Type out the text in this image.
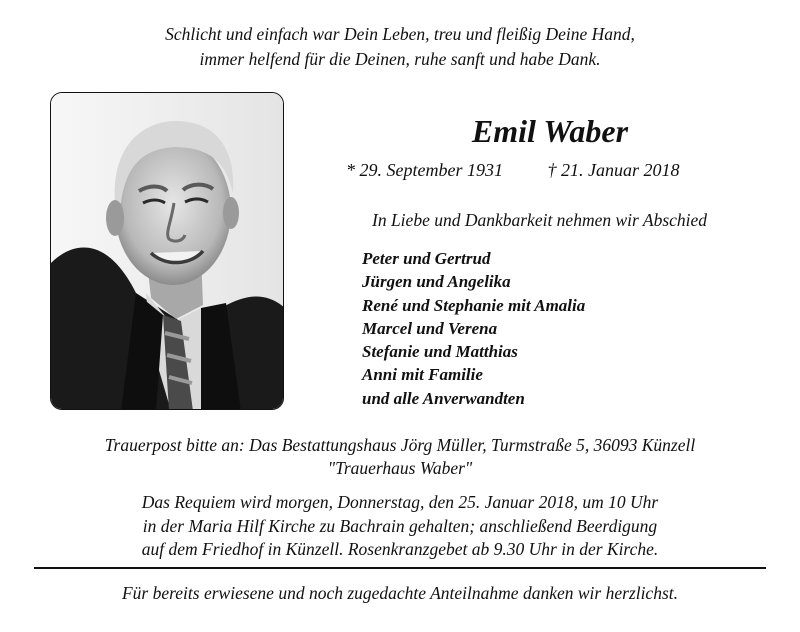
Schlicht und einfach war Dein Leben, treu und fleißig Deine Hand,
immer helfend für die Deinen, ruhe sanft und habe Dank.
Emil Waber
* 29. September 1931 † 21. Januar 2018
In Liebe und Dankbarkeit nehmen wir Abschied
Peter und Gertrud
Jürgen und Angelika
René und Stephanie mit Amalia
Marcel und Verena
Stefanie und Matthias
Anni mit Familie
und alle Anverwandten
Trauerpost bitte an: Das Bestattungshaus Jörg Müller, Turmstraße 5, 36093 Künzell
"Trauerhaus Waber"
Das Requiem wird morgen, Donnerstag, den 25. Januar 2018, um 10 Uhr
in der Maria Hilf Kirche zu Bachrain gehalten; anschließend Beerdigung
auf dem Friedhof in Künzell. Rosenkranzgebet ab 9.30 Uhr in der Kirche.
Für bereits erwiesene und noch zugedachte Anteilnahme danken wir herzlichst.
